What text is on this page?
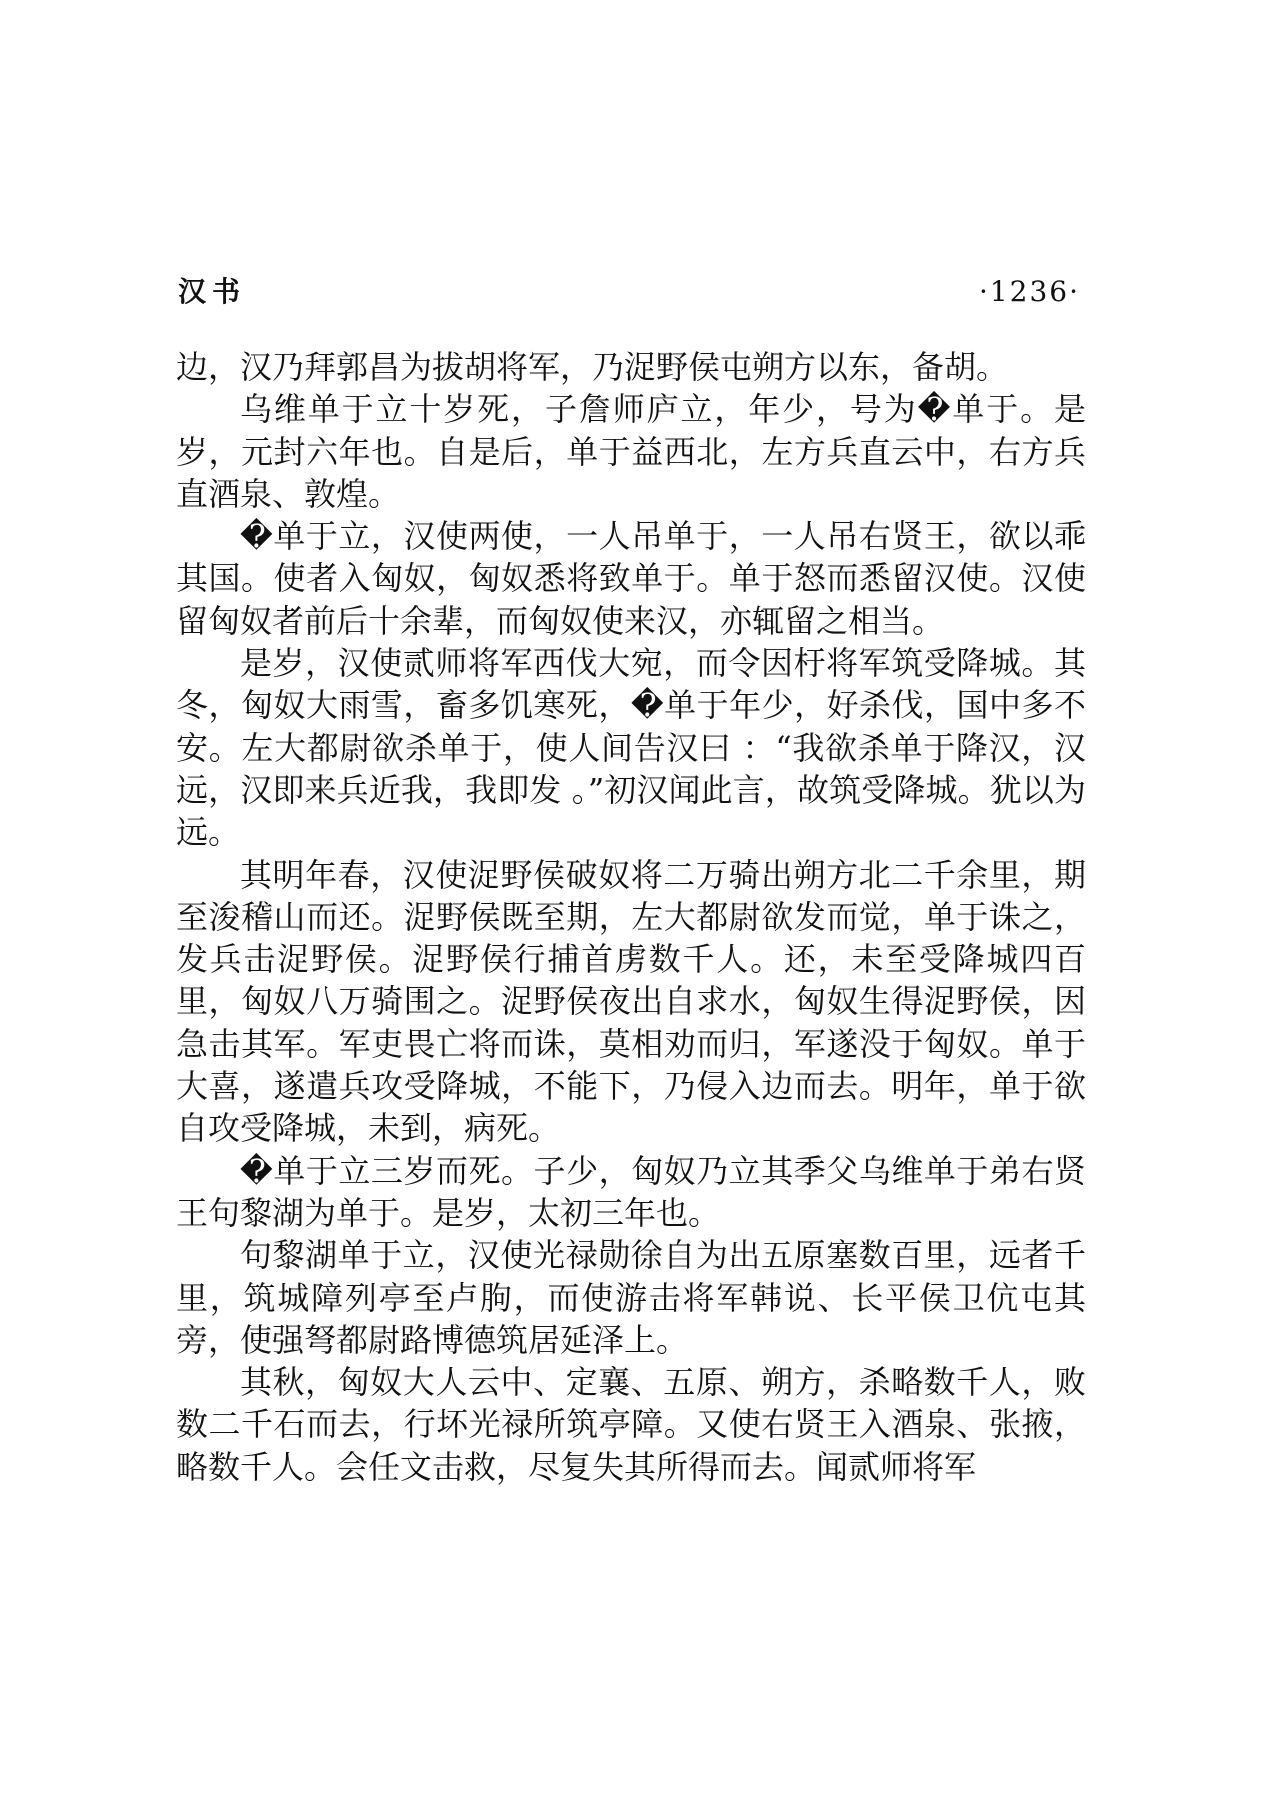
汉书	·1236·

边，汉乃拜郭昌为拔胡将军，乃浞野侯屯朔方以东，备胡。

乌维单于立十岁死，子詹师庐立，年少，号为�单于。是岁，元封六年也。自是后，单于益西北，左方兵直云中，右方兵直酒泉、敦煌。

�单于立，汉使两使，一人吊单于，一人吊右贤王，欲以乖其国。使者入匈奴，匈奴悉将致单于。单于怒而悉留汉使。汉使留匈奴者前后十余辈，而匈奴使来汉，亦辄留之相当。

是岁，汉使贰师将军西伐大宛，而令因杅将军筑受降城。其冬，匈奴大雨雪，畜多饥寒死，�单于年少，好杀伐，国中多不安。左大都尉欲杀单于，使人间告汉曰 ：“我欲杀单于降汉，汉远，汉即来兵近我，我即发 。”初汉闻此言，故筑受降城。犹以为远。

其明年春，汉使浞野侯破奴将二万骑出朔方北二千余里，期至浚稽山而还。浞野侯既至期，左大都尉欲发而觉，单于诛之，发兵击浞野侯。浞野侯行捕首虏数千人。还，未至受降城四百里，匈奴八万骑围之。浞野侯夜出自求水，匈奴生得浞野侯，因急击其军。军吏畏亡将而诛，莫相劝而归，军遂没于匈奴。单于大喜，遂遣兵攻受降城，不能下，乃侵入边而去。明年，单于欲自攻受降城，未到，病死。

�单于立三岁而死。子少，匈奴乃立其季父乌维单于弟右贤王句黎湖为单于。是岁，太初三年也。

句黎湖单于立，汉使光禄勋徐自为出五原塞数百里，远者千里，筑城障列亭至卢朐，而使游击将军韩说、长平侯卫伉屯其旁，使强弩都尉路博德筑居延泽上。

其秋，匈奴大人云中、定襄、五原、朔方，杀略数千人，败数二千石而去，行坏光禄所筑亭障。又使右贤王入酒泉、张掖，略数千人。会任文击救，尽复失其所得而去。闻贰师将军
